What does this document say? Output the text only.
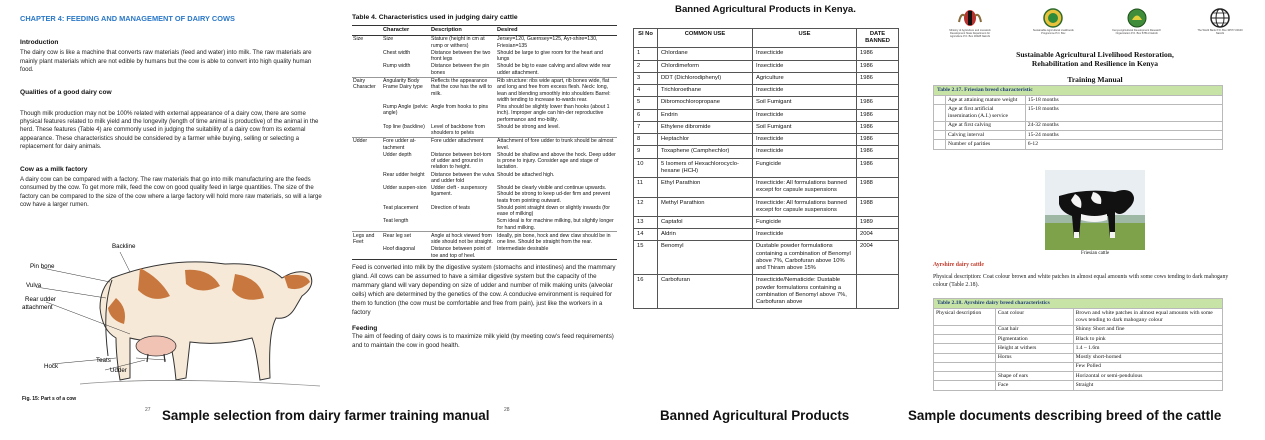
CHAPTER 4: FEEDING AND MANAGEMENT OF DAIRY COWS
Introduction

The dairy cow is like a machine that converts raw materials (feed and water) into milk. The raw materials are mainly plant materials which are not edible by humans but the cow is able to convert into high quality human food.

Qualities of a good dairy cow

Though milk production may not be 100% related with external appearance of a dairy cow, there are some physical features related to milk yield and the longevity (length of time animal is productive) of the animal in the herd. These features (Table 4) are commonly used in judging the suitability of a dairy cow from its external appearance. These characteristics should be considered by a farmer while buying, selling or selecting a replacement for dairy animals.

Cow as a milk factory

A dairy cow can be compared with a factory. The raw materials that go into milk manufacturing are the feeds consumed by the cow. To get more milk, feed the cow on good quality feed in large quantities. The size of the factory can be compared to the size of the cow where a large factory will hold more raw materials, so will a large cow have a larger rumen.

Backline
Pin bone
Vulva
Rear udder
attachment
Teats
Udder
Hock
Fig. 15: Part s of a cow
27
Table 4. Characteristics used in judging dairy cattle
	Character	Description	Desired
Size	Size	Stature (height in cm at rump or withers)	Jersey=120, Guernsey=125, Ayr-shire=130, Friesian=135
	Chest width	Distance between the two front legs	Should be large to give room for the heart and lungs
	Rump width	Distance between the pin bones	Should be big to ease calving and allow wide rear udder attachment.
Dairy Character	Angularity Body Frame Dairy type	Reflects the appearance that the cow has the will to milk.	Rib structure: ribs wide apart, rib bones wide, flat and long and free from excess flesh. Neck: long, lean and blending smoothly into shoulders Barrel: width tending to increase to-wards rear.
	Rump Angle (pelvic angle)	Angle from hooks to pins	Pins should be slightly lower than hooks (about 1 inch). Improper angle can hin-der reproductive performance and mo-bility.
	Top line (backline)	Level of backbone from shoulders to pelvis	Should be strong and level.
Udder	Fore udder at-tachment	Fore udder attachment	Attachment of fore udder to trunk should be almost level.
	Udder depth	Distance between bot-tom of udder and ground in relation to height.	Should be shallow and above the hock. Deep udder is prone to injury. Consider age and stage of lactation.
	Rear udder height	Distance between the vulva and udder fold	Should be attached high.
	Udder suspen-sion	Udder cleft - suspensory ligament.	Should be clearly visible and continue upwards. Should be strong to keep ud-der firm and prevent teats from pointing outward.
	Teat placement	Direction of teats	Should point straight down or slightly inwards (for ease of milking)
	Teat length		5cm ideal is for machine milking, but slightly longer for hand milking.
Legs and Feet	Rear leg set	Angle at hock viewed from side should not be straight.	Ideally, pin bone, hock and dew claw should be in one line. Should be straight from the rear.
	Hoof diagonal	Distance between point of toe and top of heel.	Intermediate desirable
Feed is converted into milk by the digestive system (stomachs and intestines) and the mammary gland. All cows can be assumed to have a similar digestive system but the capacity of the mammary gland will vary depending on size of udder and number of milk making units (alveolar cells) which are determined by the genetics of the cow. A conducive environment is required for them to function (the cow must be comfortable and free from pain), just like the workers in a factory
Feeding
The aim of feeding of dairy cows is to maximize milk yield (by meeting cow's feed requirements) and to maintain the cow in good health.
28
Banned Agricultural Products in Kenya.
Sl No	COMMON USE	USE	DATE BANNED
1	Chlordane	Insecticide	1986
2	Chlordimeform	Insecticide	1986
3	DDT (Dichlorodiphenyl)	Agriculture	1986
4	Trichloroethane	Insecticide	
5	Dibromochloropropane	Soil Fumigant	1986
6	Endrin	Insecticide	1986
7	Ethylene dibromide	Soil Fumigant	1986
8	Heptachlor	Insecticide	1986
9	Toxaphene (Camphechlor)	Insecticide	1986
10	5 Isomers of Hexachlorocyclo-hexane (HCH)	Fungicide	1986
11	Ethyl Parathion	Insecticide: All formulations banned except for capsule suspensions	1988
12	Methyl Parathion	Insecticide: All formulations banned except for capsule suspensions	1988
13	Captafol	Fungicide	1989
14	Aldrin	Insecticide	2004
15	Benomyl	Dustable powder formulations containing a combination of Benomyl above 7%, Carbofuran above 10% and Thiram above 15%	2004
16	Carbofuran	Insecticide/Nematicide: Dustable powder formulations containing a combination of Benomyl above 7%, Carbofuran above	
Ministry of Agriculture and Livestock Development State Department for Agriculture P.O. Box 30028 Nairobi
Sustainable Agricultural Livelihoods Programme P.O. Box
Kenya Agricultural Development Research Organization P.O. Box 57811 Nairobi
The World Bank P.O. Box 30577-00100 Nairobi
Sustainable Agricultural Livelihood Restoration,
Rehabilitation and Resilience in Kenya
Training Manual
Table 2.17. Friesian breed characteristic		
	Age at attaining mature weight	15-18 months
	Age at first artificial insemination (A.I.) service	15-18 months
	Age at first calving	24-32 months
	Calving interval	15-24 months
	Number of parities	6-12
Friesian cattle
Ayrshire dairy cattle
Physical description: Coat colour brown and white patches in almost equal amounts with some cows tending to dark mahogany colour (Table 2.18).
Table 2.18. Ayrshire dairy breed characteristics		
Physical description	Coat colour	Brown and white patches in almost equal amounts with some cows tending to dark mahogany colour
	Coat hair	Shinny Short and fine
	Pigmentation	Black to pink
	Height at withers	1.4 – 1.6m
	Horns	Mostly short-horned
		Few Polled
	Shape of ears	Horizontal or semi-pendulous
	Face	Straight
Sample selection from dairy farmer training manual	Banned Agricultural Products	Sample documents describing breed of the cattle
